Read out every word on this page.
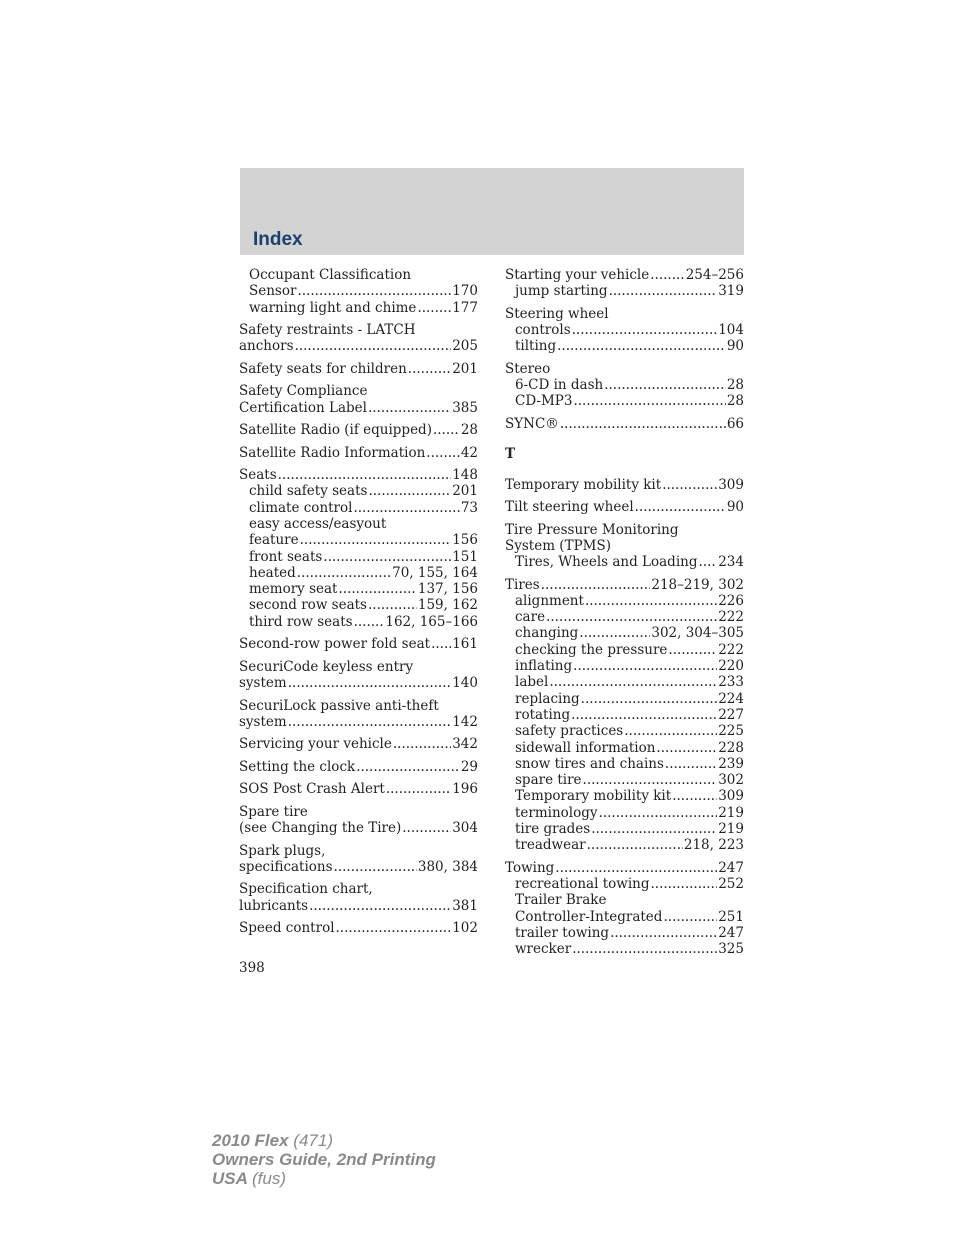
Index
Occupant Classification
Sensor .....	170
warning light and chime .....	177
Safety restraints - LATCH
anchors .....	205
Safety seats for children .....	201
Safety Compliance
Certification Label .....	385
Satellite Radio (if equipped) ..... 28
Satellite Radio Information .....	42
Seats .....	148
child safety seats .....	201
climate control .....	73
easy access/easyout
feature .....	156
front seats .....	151
heated .....	70, 155, 164
memory seat .....	137, 156
second row seats .....	159, 162
third row seats ..... 162, 165–166
Second-row power fold seat ..... 161
SecuriCode keyless entry
system .....	140
SecuriLock passive anti-theft
system .....	142
Servicing your vehicle .....	342
Setting the clock .....	29
SOS Post Crash Alert .....	196
Spare tire
(see Changing the Tire) .....	304
Spark plugs,
specifications .....	380, 384
Specification chart,
lubricants .....	381
Speed control .....	102
Starting your vehicle .....	254–256
jump starting .....	319
Steering wheel
controls .....	104
tilting .....	90
Stereo
6-CD in dash .....	28
CD-MP3 .....	28
SYNC® .....	66
T
Temporary mobility kit .....	309
Tilt steering wheel .....	90
Tire Pressure Monitoring
System (TPMS)
Tires, Wheels and Loading ..... 234
Tires .....	218–219, 302
alignment .....	226
care .....	222
changing .....	302, 304–305
checking the pressure .....	222
inflating .....	220
label .....	233
replacing .....	224
rotating .....	227
safety practices .....	225
sidewall information .....	228
snow tires and chains .....	239
spare tire .....	302
Temporary mobility kit .....	309
terminology .....	219
tire grades .....	219
treadwear .....	218, 223
Towing .....	247
recreational towing .....	252
Trailer Brake
Controller-Integrated .....	251
trailer towing .....	247
wrecker .....	325
398
2010 Flex (471)
Owners Guide, 2nd Printing
USA (fus)
